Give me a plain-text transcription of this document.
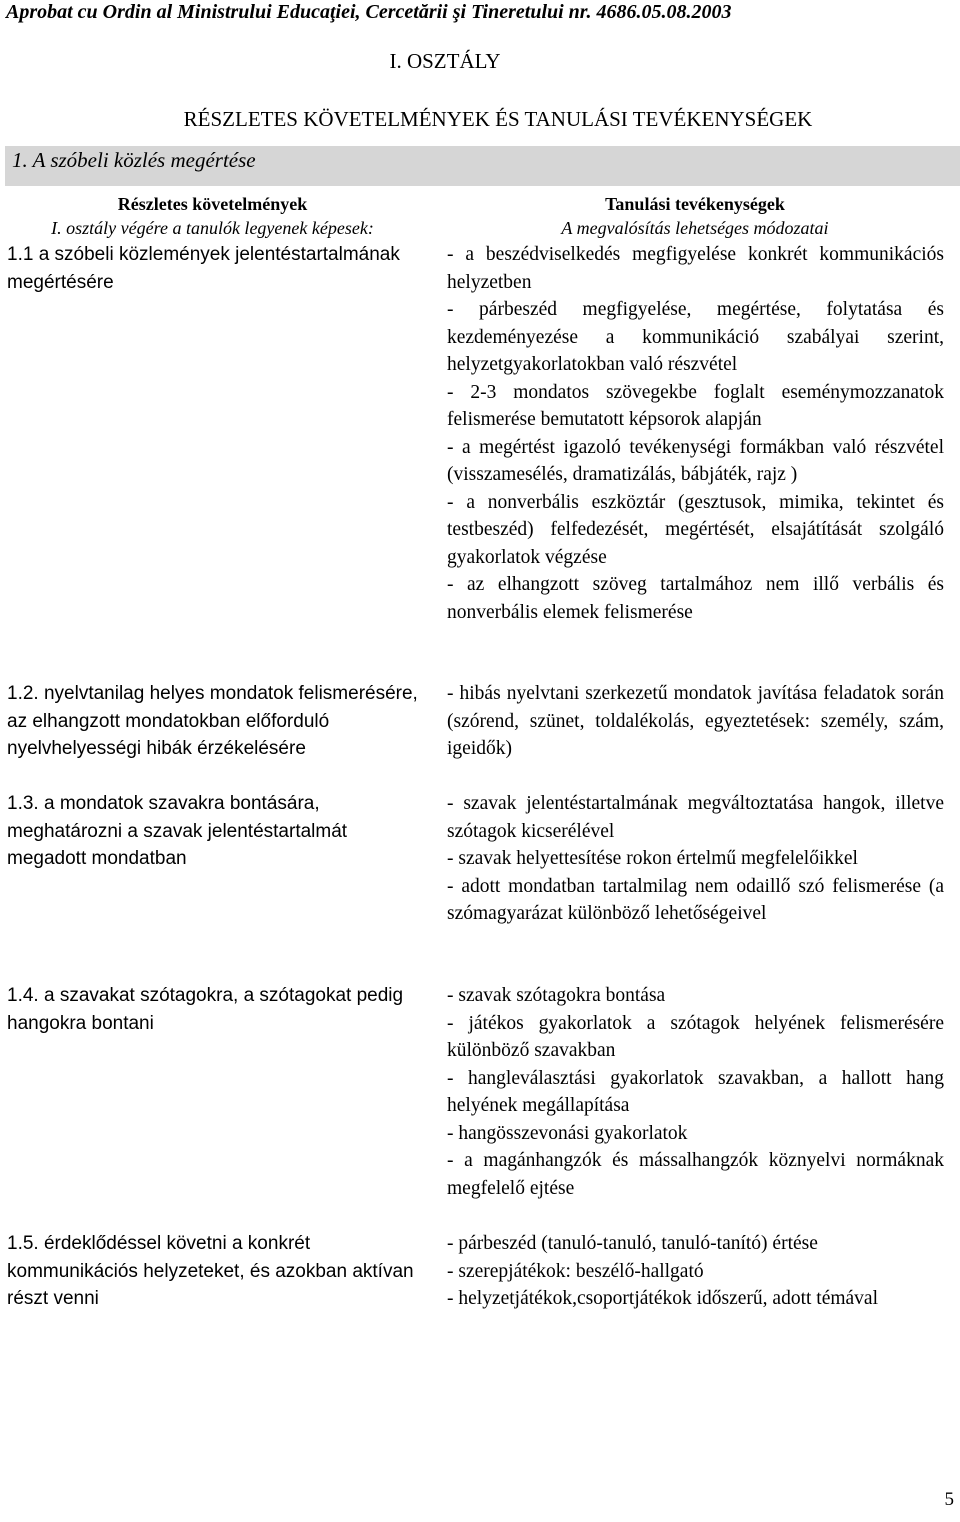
Aprobat cu Ordin al Ministrului Educaţiei, Cercetării şi Tineretului nr. 4686.05.08.2003
I. OSZTÁLY
RÉSZLETES KÖVETELMÉNYEK ÉS TANULÁSI TEVÉKENYSÉGEK
1. A szóbeli közlés megértése
Részletes követelmények
I. osztály végére a tanulók legyenek képesek:
Tanulási tevékenységek
A megvalósítás lehetséges módozatai
1.1 a szóbeli közlemények jelentéstartalmának megértésére
- a beszédviselkedés megfigyelése konkrét kommunikációs helyzetben
- párbeszéd megfigyelése, megértése, folytatása és kezdeményezése a kommunikáció szabályai szerint, helyzetgyakorlatokban való részvétel
- 2-3 mondatos szövegekbe foglalt eseménymozzanatok felismerése bemutatott képsorok alapján
- a megértést igazoló tevékenységi formákban való részvétel (visszamesélés, dramatizálás, bábjáték, rajz )
- a nonverbális eszköztár (gesztusok, mimika, tekintet és testbeszéd) felfedezését, megértését, elsajátítását szolgáló gyakorlatok végzése
- az elhangzott szöveg tartalmához nem illő verbális és nonverbális elemek felismerése
1.2. nyelvtanilag helyes mondatok felismerésére, az elhangzott mondatokban előforduló nyelvhelyességi hibák érzékelésére
- hibás nyelvtani szerkezetű mondatok javítása feladatok során (szórend, szünet, toldalékolás, egyeztetések: személy, szám, igeidők)
1.3. a mondatok szavakra bontására, meghatározni a szavak jelentéstartalmát megadott mondatban
- szavak jelentéstartalmának megváltoztatása hangok, illetve szótagok kicserélével
- szavak helyettesítése rokon értelmű megfelelőikkel
- adott mondatban tartalmilag nem odaillő szó felismerése (a szómagyarázat különböző lehetőségeivel
1.4. a szavakat szótagokra, a szótagokat pedig hangokra bontani
- szavak szótagokra bontása
- játékos gyakorlatok a szótagok helyének felismerésére különböző szavakban
- hangleválasztási gyakorlatok szavakban, a hallott hang helyének megállapítása
- hangösszevonási gyakorlatok
- a magánhangzók és mássalhangzók köznyelvi normáknak megfelelő ejtése
1.5. érdeklődéssel követni a konkrét kommunikációs helyzeteket, és azokban aktívan részt venni
- párbeszéd (tanuló-tanuló, tanuló-tanító) értése
- szerepjátékok: beszélő-hallgató
- helyzetjátékok,csoportjátékok időszerű, adott témával
5
